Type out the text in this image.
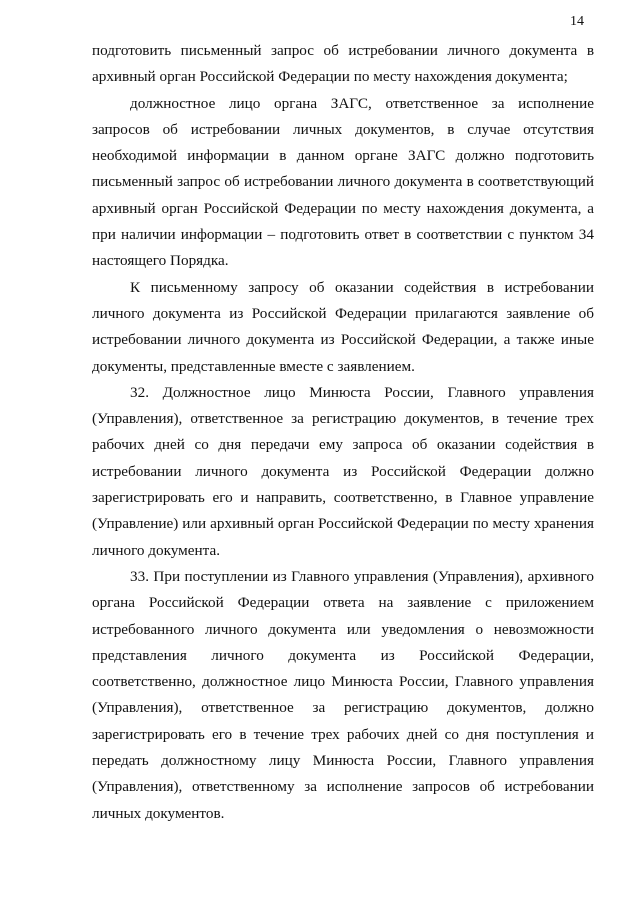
14

подготовить письменный запрос об истребовании личного документа в архивный орган Российской Федерации по месту нахождения документа;

должностное лицо органа ЗАГС, ответственное за исполнение запросов об истребовании личных документов, в случае отсутствия необходимой информации в данном органе ЗАГС должно подготовить письменный запрос об истребовании личного документа в соответствующий архивный орган Российской Федерации по месту нахождения документа, а при наличии информации – подготовить ответ в соответствии с пунктом 34 настоящего Порядка.

К письменному запросу об оказании содействия в истребовании личного документа из Российской Федерации прилагаются заявление об истребовании личного документа из Российской Федерации, а также иные документы, представленные вместе с заявлением.

32. Должностное лицо Минюста России, Главного управления (Управления), ответственное за регистрацию документов, в течение трех рабочих дней со дня передачи ему запроса об оказании содействия в истребовании личного документа из Российской Федерации должно зарегистрировать его и направить, соответственно, в Главное управление (Управление) или архивный орган Российской Федерации по месту хранения личного документа.

33. При поступлении из Главного управления (Управления), архивного органа Российской Федерации ответа на заявление с приложением истребованного личного документа или уведомления о невозможности представления личного документа из Российской Федерации, соответственно, должностное лицо Минюста России, Главного управления (Управления), ответственное за регистрацию документов, должно зарегистрировать его в течение трех рабочих дней со дня поступления и передать должностному лицу Минюста России, Главного управления (Управления), ответственному за исполнение запросов об истребовании личных документов.
